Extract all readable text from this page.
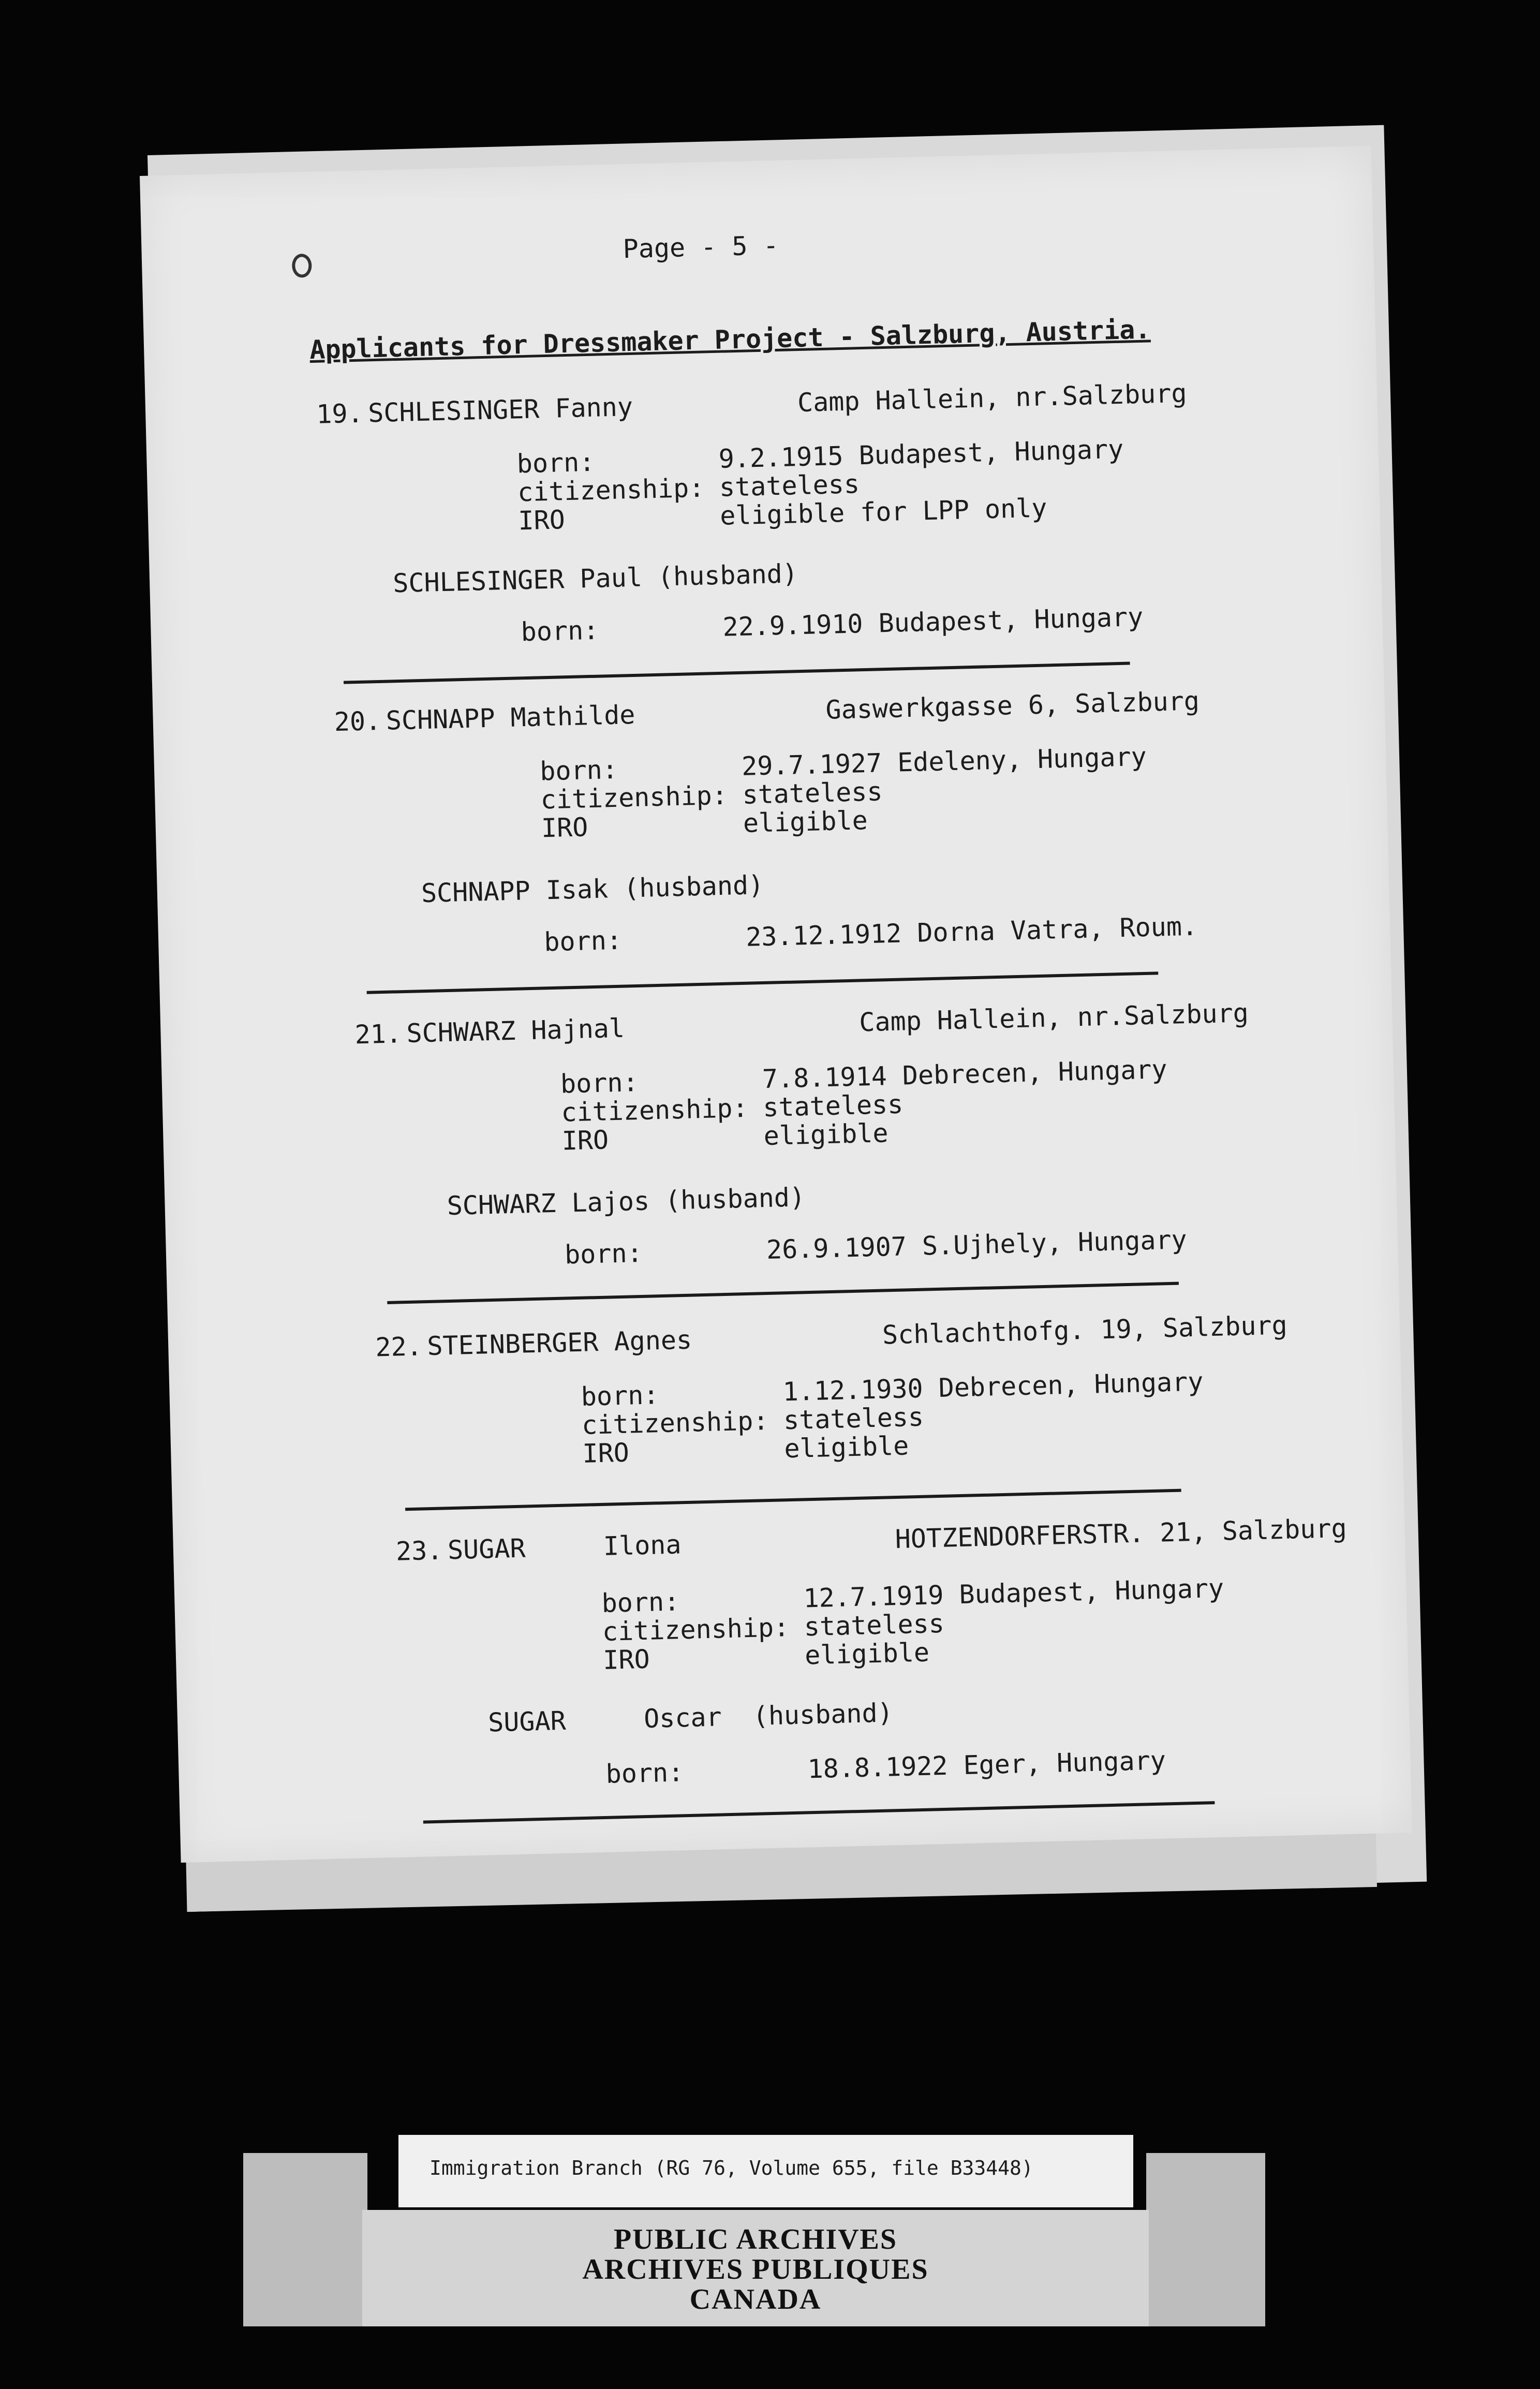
Page - 5 -
Applicants for Dressmaker Project - Salzburg, Austria.
19. SCHLESINGER Fanny	Camp Hallein, nr.Salzburg
born:	9.2.1915 Budapest, Hungary
citizenship: stateless
IRO	eligible for LPP only
SCHLESINGER Paul (husband)
born:	22.9.1910 Budapest, Hungary
20. SCHNAPP Mathilde	Gaswerkgasse 6, Salzburg
born:	29.7.1927 Edeleny, Hungary
citizenship: stateless
IRO	eligible
SCHNAPP Isak (husband)
born:	23.12.1912 Dorna Vatra, Roum.
21. SCHWARZ Hajnal	Camp Hallein, nr.Salzburg
born:	7.8.1914 Debrecen, Hungary
citizenship: stateless
IRO	eligible
SCHWARZ Lajos (husband)
born:	26.9.1907 S.Ujhely, Hungary
22. STEINBERGER Agnes	Schlachthofg. 19, Salzburg
born:	1.12.1930 Debrecen, Hungary
citizenship: stateless
IRO	eligible
23. SUGAR     Ilona	HOTZENDORFERSTR. 21, Salzburg
born:	12.7.1919 Budapest, Hungary
citizenship: stateless
IRO	eligible
SUGAR     Oscar  (husband)
born:	18.8.1922 Eger, Hungary
Immigration Branch (RG 76, Volume 655, file B33448)
PUBLIC ARCHIVES
ARCHIVES PUBLIQUES
CANADA
